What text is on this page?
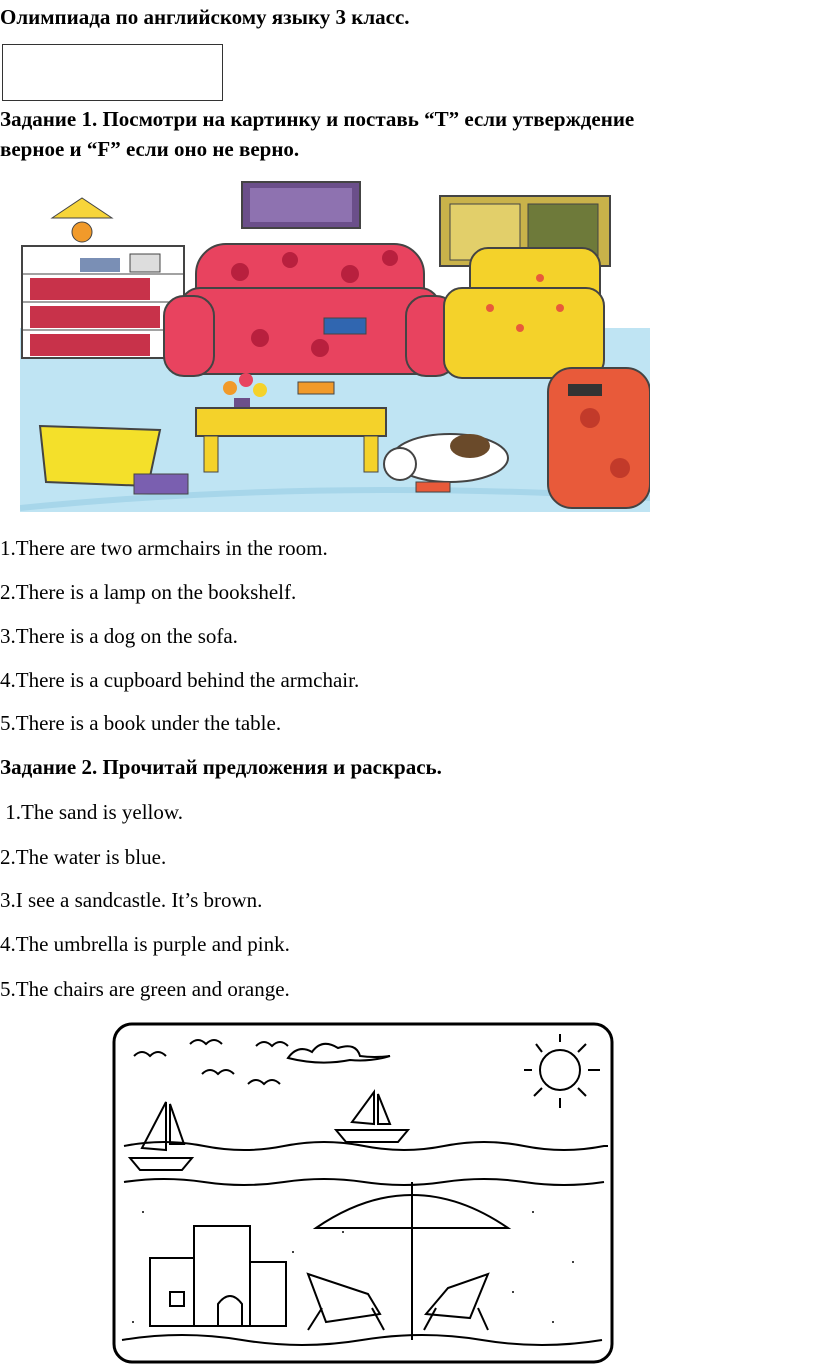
Олимпиада по английскому языку 3 класс.
Задание 1. Посмотри на картинку и поставь “T” если утверждение
верное и “F” если оно не верно.
1.There are two armchairs in the room.
2.There is a lamp on the bookshelf.
3.There is a dog on the sofa.
4.There is a cupboard behind the armchair.
5.There is a book under the table.
Задание 2. Прочитай предложения и раскрась.
1.The sand is yellow.
2.The water is blue.
3.I see a sandcastle. It’s brown.
4.The umbrella is purple and pink.
5.The chairs are green and orange.
